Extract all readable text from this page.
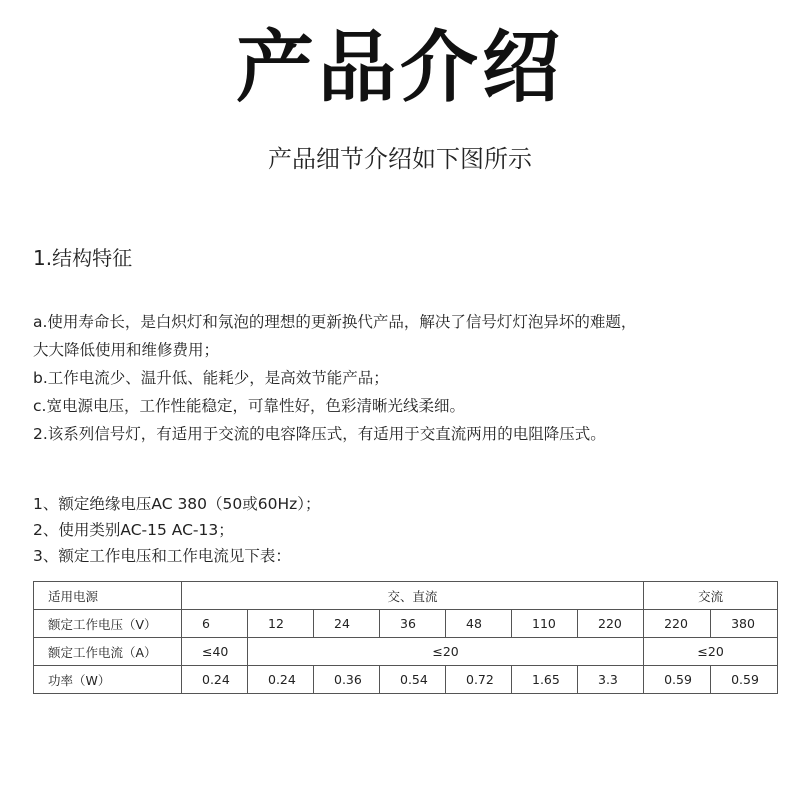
产品介绍
产品细节介绍如下图所示
1.结构特征
a.使用寿命长，是白炽灯和氖泡的理想的更新换代产品，解决了信号灯灯泡异坏的难题，
大大降低使用和维修费用；
b.工作电流少、温升低、能耗少，是高效节能产品；
c.宽电源电压，工作性能稳定，可靠性好，色彩清晰光线柔细。
2.该系列信号灯，有适用于交流的电容降压式，有适用于交直流两用的电阻降压式。
1、额定绝缘电压AC 380（50或60Hz）；
2、使用类别AC-15 AC-13；
3、额定工作电压和工作电流见下表：
适用电源	交、直流							交流	
额定工作电压（V）	6	12	24	36	48	110	220	220	380
额定工作电流（A）	≤40	≤20						≤20	
功率（W）	0.24	0.24	0.36	0.54	0.72	1.65	3.3	0.59	0.59
